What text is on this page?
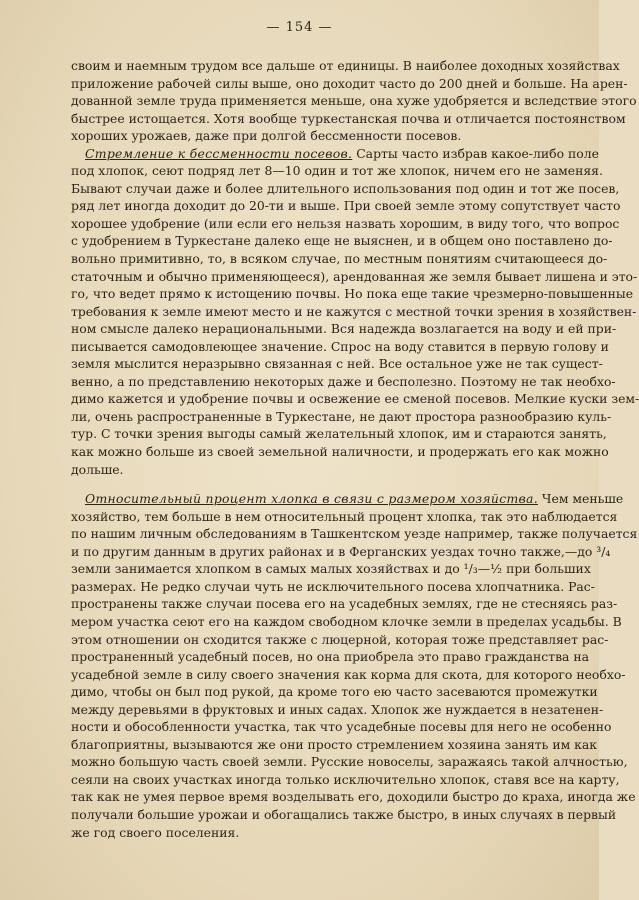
— 154 —
своим и наемным трудом все дальше от единицы. В наиболее доходных хозяйствах
приложение рабочей силы выше, оно доходит часто до 200 дней и больше. На арен-
дованной земле труда применяется меньше, она хуже удобряется и вследствие этого
быстрее истощается. Хотя вообще туркестанская почва и отличается постоянством
хороших урожаев, даже при долгой бессменности посевов.
Стремление к бессменности посевов. Сарты часто избрав какое-либо поле
под хлопок, сеют подряд лет 8—10 один и тот же хлопок, ничем его не заменяя.
Бывают случаи даже и более длительного использования под один и тот же посев,
ряд лет иногда доходит до 20-ти и выше. При своей земле этому сопутствует часто
хорошее удобрение (или если его нельзя назвать хорошим, в виду того, что вопрос
с удобрением в Туркестане далеко еще не выяснен, и в общем оно поставлено до-
вольно примитивно, то, в всяком случае, по местным понятиям считающееся до-
статочным и обычно применяющееся), арендованная же земля бывает лишена и это-
го, что ведет прямо к истощению почвы. Но пока еще такие чрезмерно-повышенные
требования к земле имеют место и не кажутся с местной точки зрения в хозяйствен-
ном смысле далеко нерациональными. Вся надежда возлагается на воду и ей при-
писывается самодовлеющее значение. Спрос на воду ставится в первую голову и
земля мыслится неразрывно связанная с ней. Все остальное уже не так сущест-
венно, а по представлению некоторых даже и бесполезно. Поэтому не так необхо-
димо кажется и удобрение почвы и освежение ее сменой посевов. Мелкие куски зем-
ли, очень распространенные в Туркестане, не дают простора разнообразию куль-
тур. С точки зрения выгоды самый желательный хлопок, им и стараются занять,
как можно больше из своей земельной наличности, и продержать его как можно
дольше.
Относительный процент хлопка в связи с размером хозяйства. Чем меньше
хозяйство, тем больше в нем относительный процент хлопка, так это наблюдается
по нашим личным обследованиям в Ташкентском уезде например, также получается
и по другим данным в других районах и в Ферганских уездах точно также,—до ³/₄
земли занимается хлопком в самых малых хозяйствах и до ¹/₃—½ при больших
размерах. Не редко случаи чуть не исключительного посева хлопчатника. Рас-
пространены также случаи посева его на усадебных землях, где не стесняясь раз-
мером участка сеют его на каждом свободном клочке земли в пределах усадьбы. В
этом отношении он сходится также с люцерной, которая тоже представляет рас-
пространенный усадебный посев, но она приобрела это право гражданства на
усадебной земле в силу своего значения как корма для скота, для которого необхо-
димо, чтобы он был под рукой, да кроме того ею часто засеваются промежутки
между деревьями в фруктовых и иных садах. Хлопок же нуждается в незатенен-
ности и обособленности участка, так что усадебные посевы для него не особенно
благоприятны, вызываются же они просто стремлением хозяина занять им как
можно большую часть своей земли. Русские новоселы, заражаясь такой алчностью,
сеяли на своих участках иногда только исключительно хлопок, ставя все на карту,
так как не умея первое время возделывать его, доходили быстро до краха, иногда же
получали большие урожаи и обогащались также быстро, в иных случаях в первый
же год своего поселения.
